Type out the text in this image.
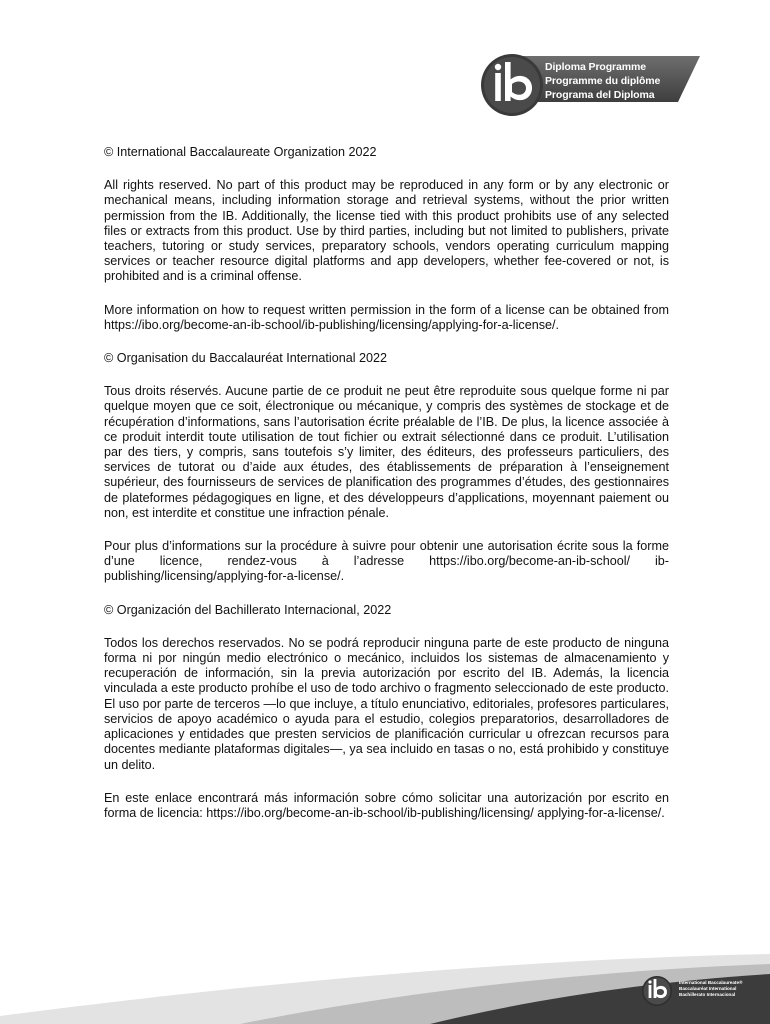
Diploma Programme
Programme du diplôme
Programa del Diploma

© International Baccalaureate Organization 2022

All rights reserved. No part of this product may be reproduced in any form or by any electronic or mechanical means, including information storage and retrieval systems, without the prior written permission from the IB. Additionally, the license tied with this product prohibits use of any selected files or extracts from this product. Use by third parties, including but not limited to publishers, private teachers, tutoring or study services, preparatory schools, vendors operating curriculum mapping services or teacher resource digital platforms and app developers, whether fee-covered or not, is prohibited and is a criminal offense.

More information on how to request written permission in the form of a license can be obtained from https://ibo.org/become-an-ib-school/ib-publishing/licensing/applying-for-a-license/.

© Organisation du Baccalauréat International 2022

Tous droits réservés. Aucune partie de ce produit ne peut être reproduite sous quelque forme ni par quelque moyen que ce soit, électronique ou mécanique, y compris des systèmes de stockage et de récupération d’informations, sans l’autorisation écrite préalable de l’IB. De plus, la licence associée à ce produit interdit toute utilisation de tout fichier ou extrait sélectionné dans ce produit. L’utilisation par des tiers, y compris, sans toutefois s’y limiter, des éditeurs, des professeurs particuliers, des services de tutorat ou d’aide aux études, des établissements de préparation à l’enseignement supérieur, des fournisseurs de services de planification des programmes d’études, des gestionnaires de plateformes pédagogiques en ligne, et des développeurs d’applications, moyennant paiement ou non, est interdite et constitue une infraction pénale.

Pour plus d’informations sur la procédure à suivre pour obtenir une autorisation écrite sous la forme d’une licence, rendez-vous à l’adresse https://ibo.org/become-an-ib-school/ ib-publishing/licensing/applying-for-a-license/.

© Organización del Bachillerato Internacional, 2022

Todos los derechos reservados. No se podrá reproducir ninguna parte de este producto de ninguna forma ni por ningún medio electrónico o mecánico, incluidos los sistemas de almacenamiento y recuperación de información, sin la previa autorización por escrito del IB. Además, la licencia vinculada a este producto prohíbe el uso de todo archivo o fragmento seleccionado de este producto. El uso por parte de terceros —lo que incluye, a título enunciativo, editoriales, profesores particulares, servicios de apoyo académico o ayuda para el estudio, colegios preparatorios, desarrolladores de aplicaciones y entidades que presten servicios de planificación curricular u ofrezcan recursos para docentes mediante plataformas digitales—, ya sea incluido en tasas o no, está prohibido y constituye un delito.

En este enlace encontrará más información sobre cómo solicitar una autorización por escrito en forma de licencia: https://ibo.org/become-an-ib-school/ib-publishing/licensing/ applying-for-a-license/.

International Baccalaureate®
Baccalauréat International
Bachillerato Internacional
